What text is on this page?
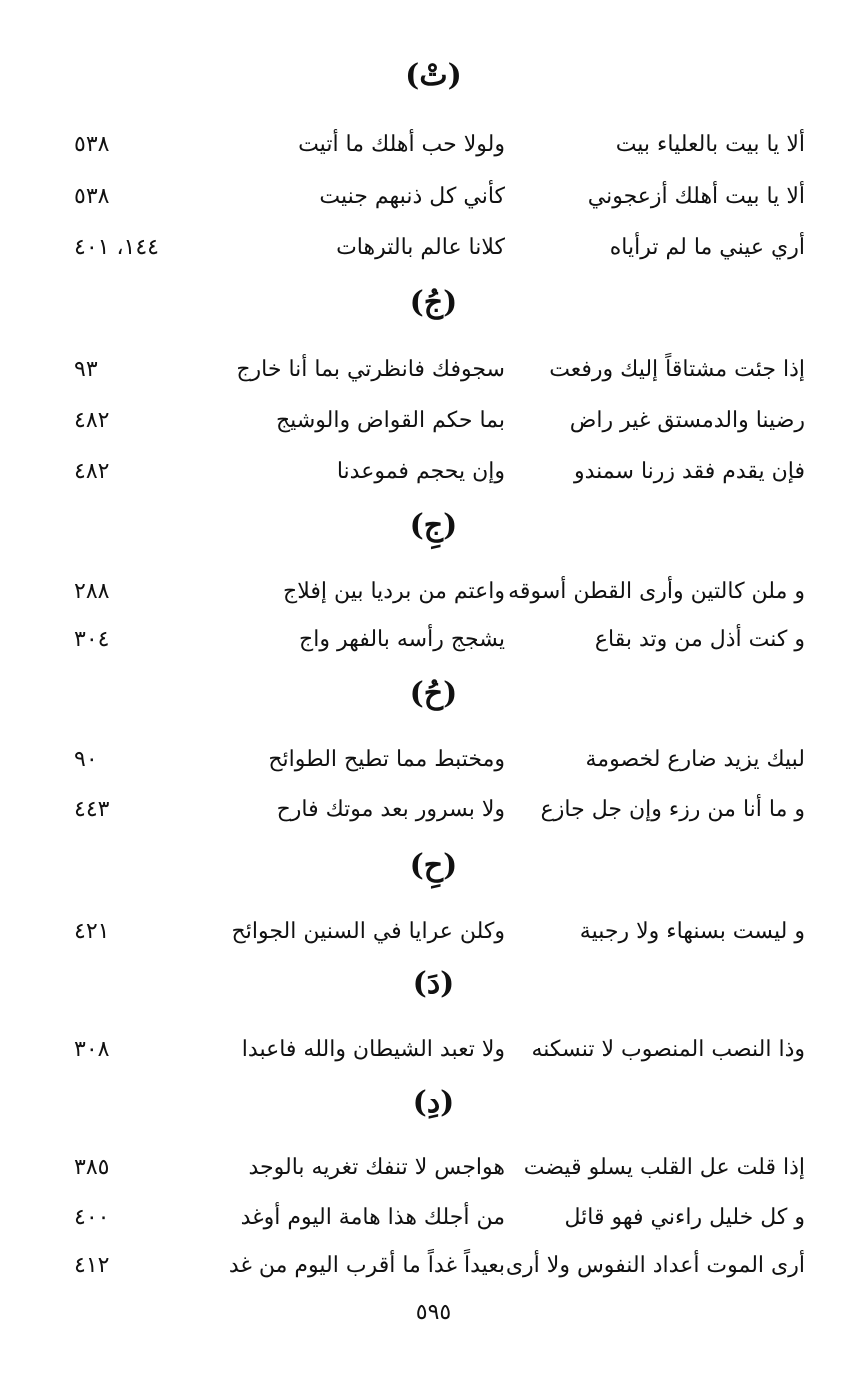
(تْ)
ألا يا بيت بالعلياء بيت
ولولا حب أهلك ما أتيت
٥٣٨
ألا يا بيت أهلك أزعجوني
كأني كل ذنبهم جنيت
٥٣٨
أري عيني ما لم ترأياه
كلانا عالم بالترهات
١٤٤، ٤٠١
(جُ)
إذا جئت مشتاقاً إليك ورفعت
سجوفك فانظرتي بما أنا خارج
٩٣
رضينا والدمستق غير راض
بما حكم القواض والوشيج
٤٨٢
فإن يقدم فقد زرنا سمندو
وإن يحجم فموعدنا
٤٨٢
(جِ)
و ملن كالتين وأرى القطن أسوقه
واعتم من برديا بين إفلاج
٢٨٨
و كنت أذل من وتد بقاع
يشجج رأسه بالفهر واج
٣٠٤
(حُ)
لبيك يزيد ضارع لخصومة
ومختبط مما تطيح الطوائح
٩٠
و ما أنا من رزء وإن جل جازع
ولا بسرور بعد موتك فارح
٤٤٣
(حِ)
و ليست بسنهاء ولا رجبية
وكلن عرايا في السنين الجوائح
٤٢١
(دَ)
وذا النصب المنصوب لا تنسكنه
ولا تعبد الشيطان والله فاعبدا
٣٠٨
(دِ)
إذا قلت عل القلب يسلو قيضت
هواجس لا تنفك تغريه بالوجد
٣٨٥
و كل خليل راءني فهو قائل
من أجلك هذا هامة اليوم أوغد
٤٠٠
أرى الموت أعداد النفوس ولا أرى
بعيداً غداً ما أقرب اليوم من غد
٤١٢
٥٩٥
